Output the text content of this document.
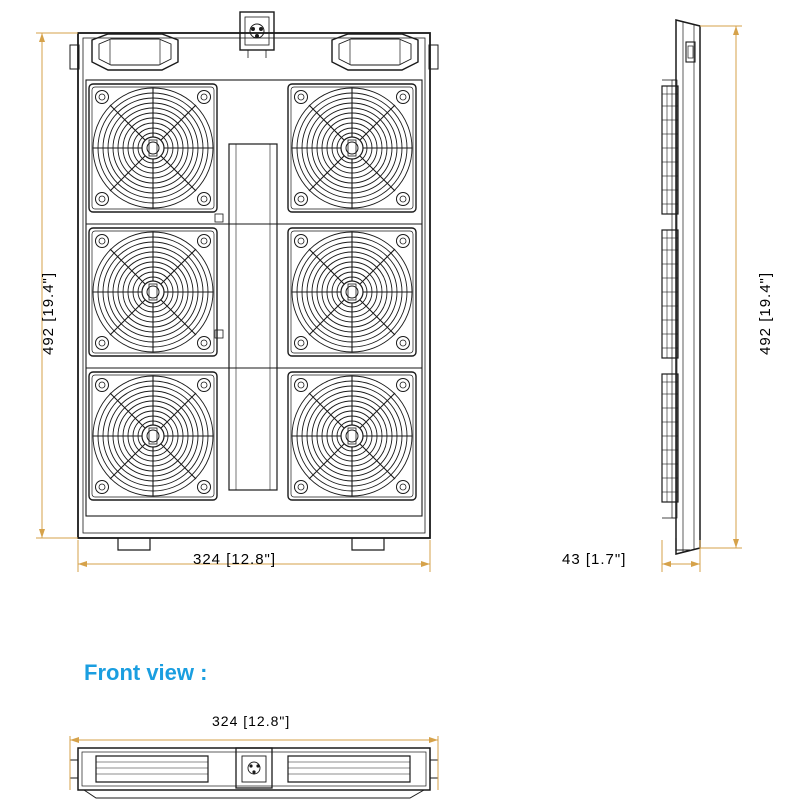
492 [19.4"]
324 [12.8"]
492 [19.4"]
43 [1.7"]
Front view :
324 [12.8"]
